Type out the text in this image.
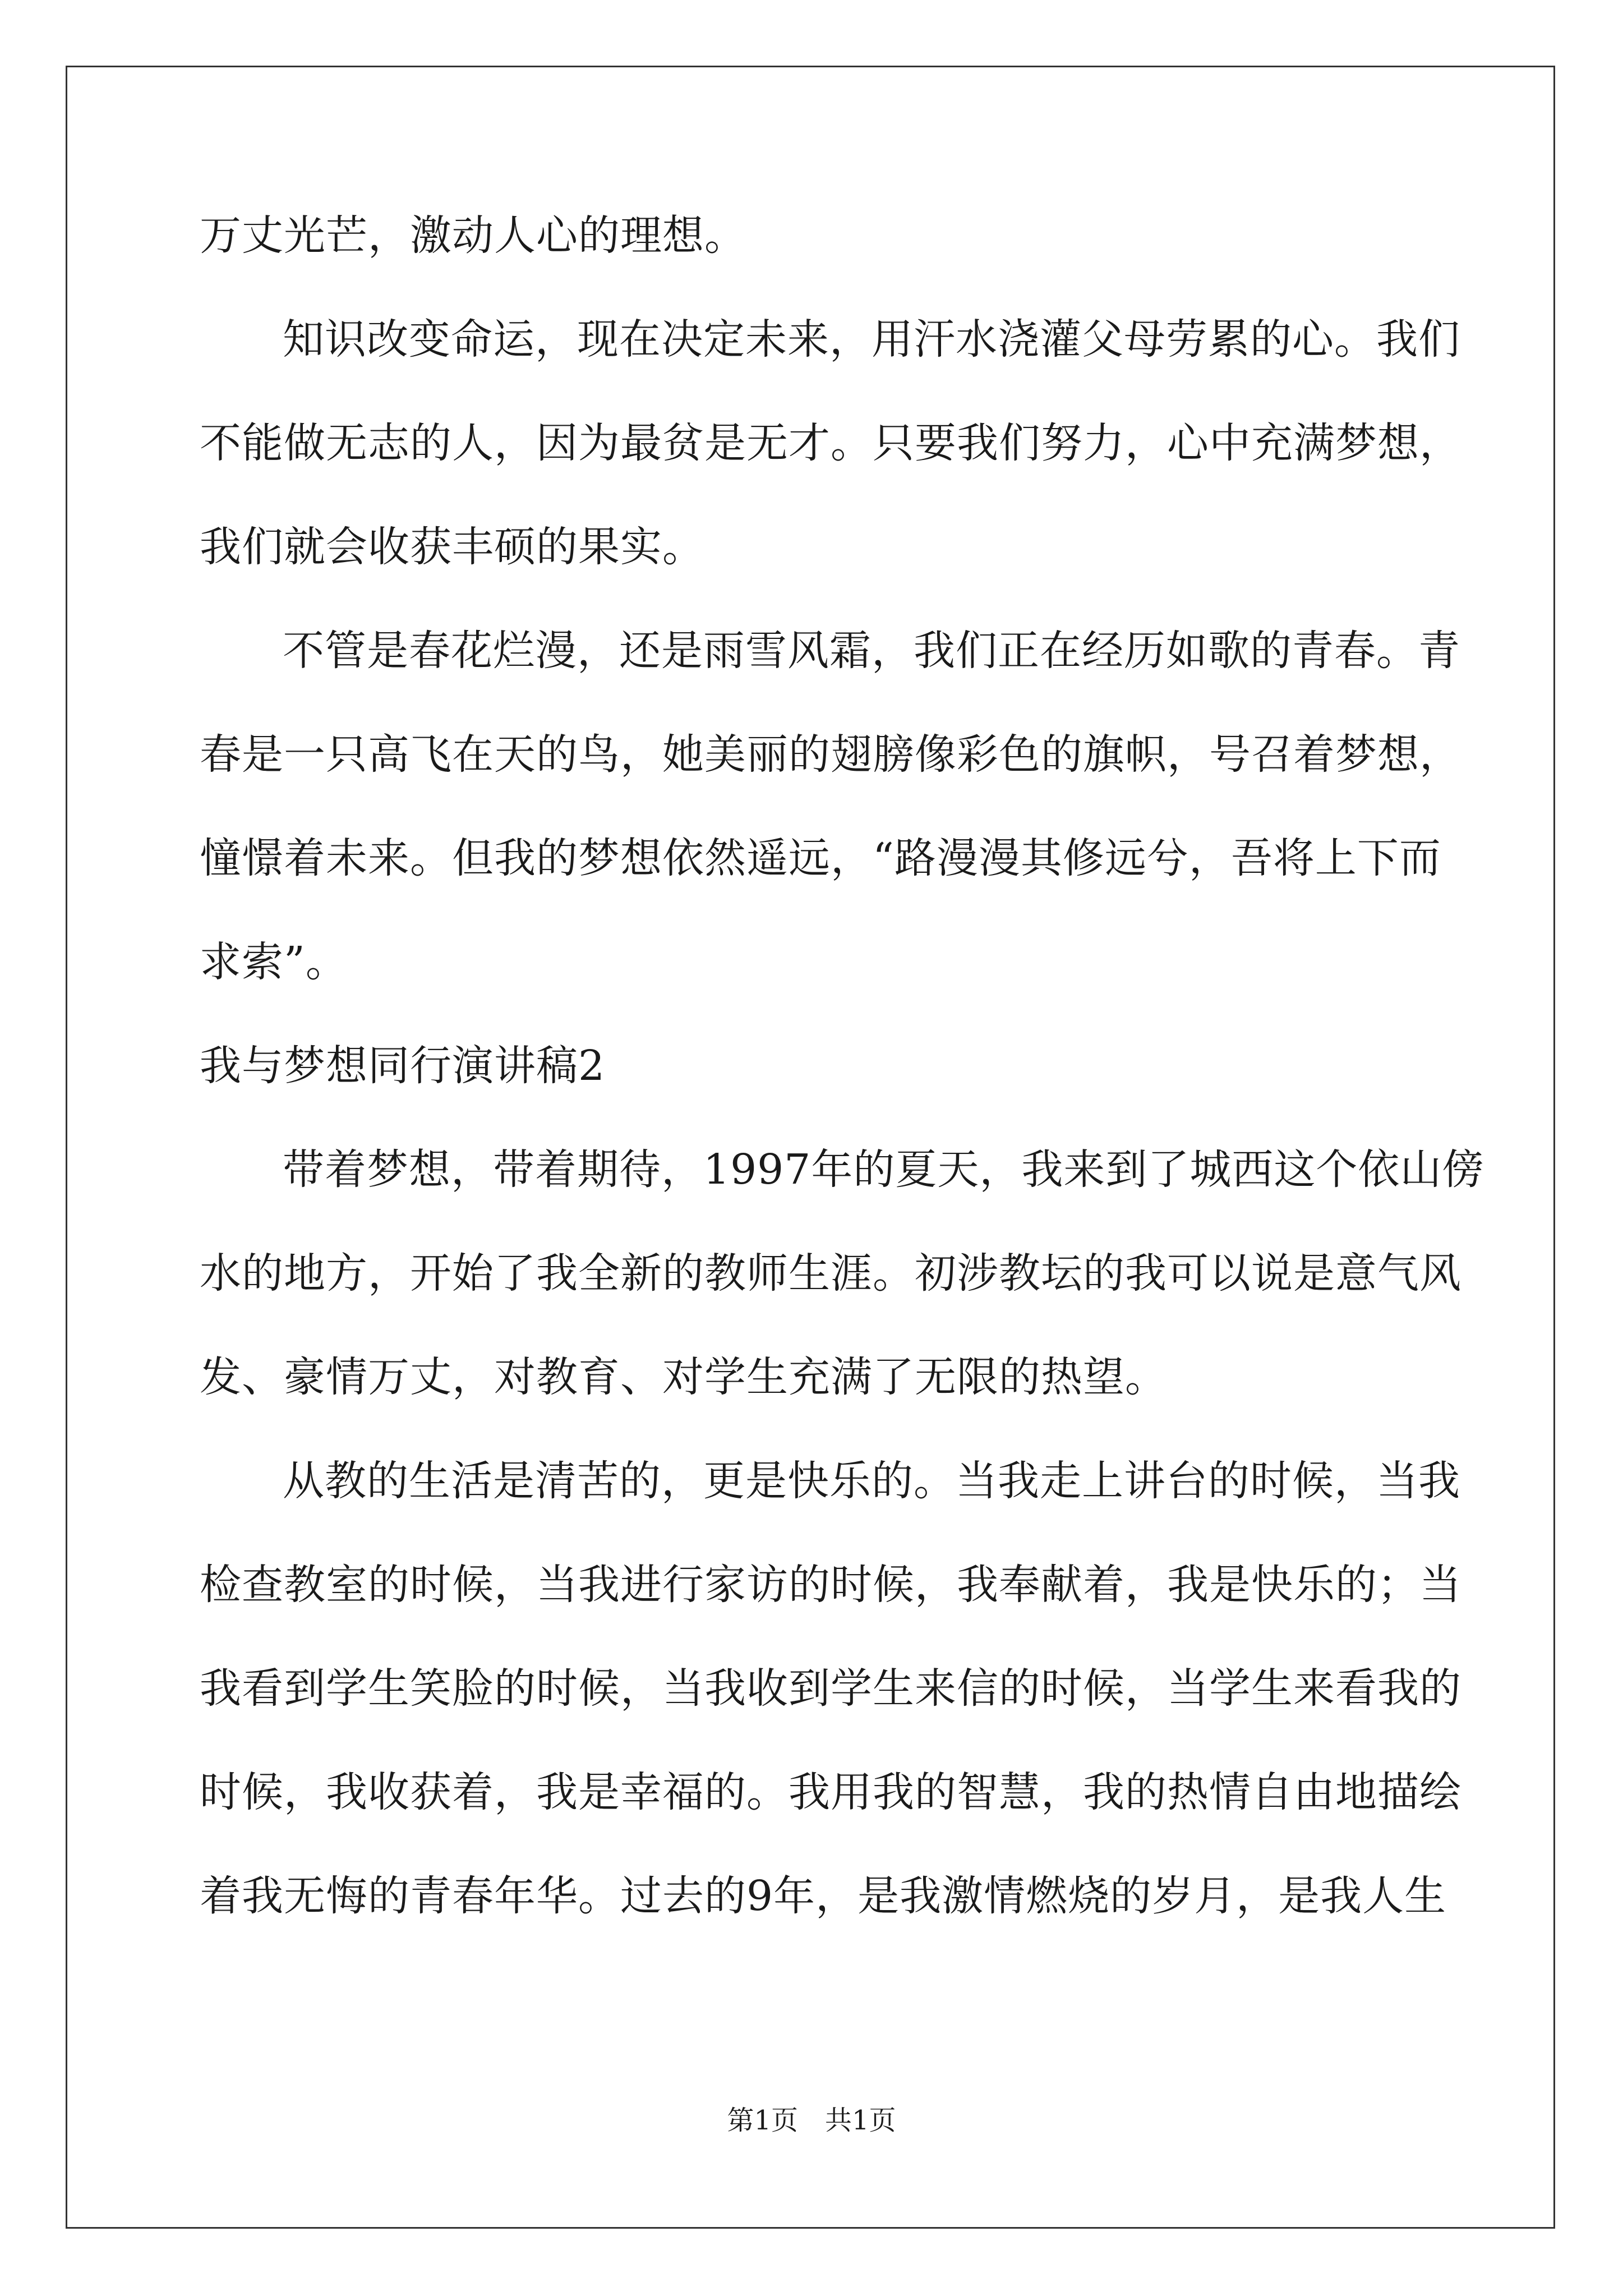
万丈光芒，激动人心的理想。
知识改变命运，现在决定未来，用汗水浇灌父母劳累的心。我们
不能做无志的人，因为最贫是无才。只要我们努力，心中充满梦想，
我们就会收获丰硕的果实。
不管是春花烂漫，还是雨雪风霜，我们正在经历如歌的青春。青
春是一只高飞在天的鸟，她美丽的翅膀像彩色的旗帜，号召着梦想，
憧憬着未来。但我的梦想依然遥远，“路漫漫其修远兮，吾将上下而
求索”。
我与梦想同行演讲稿2
带着梦想，带着期待，1997年的夏天，我来到了城西这个依山傍
水的地方，开始了我全新的教师生涯。初涉教坛的我可以说是意气风
发、豪情万丈，对教育、对学生充满了无限的热望。
从教的生活是清苦的，更是快乐的。当我走上讲台的时候，当我
检查教室的时候，当我进行家访的时候，我奉献着，我是快乐的；当
我看到学生笑脸的时候，当我收到学生来信的时候，当学生来看我的
时候，我收获着，我是幸福的。我用我的智慧，我的热情自由地描绘
着我无悔的青春年华。过去的9年，是我激情燃烧的岁月，是我人生
第1页　共1页
